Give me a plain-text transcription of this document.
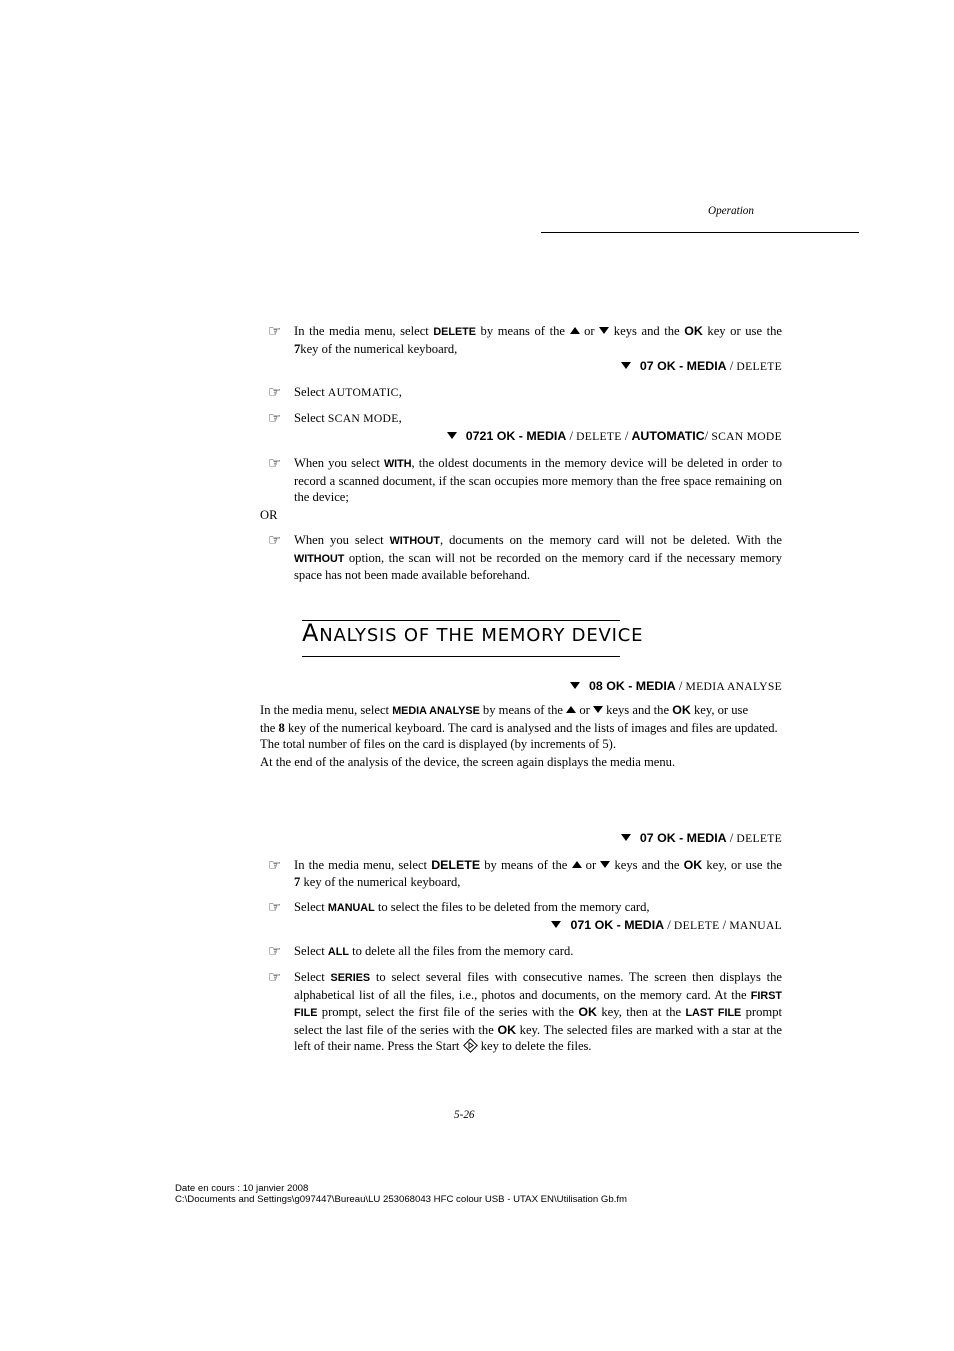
Operation
☞
In the media menu, select DELETE by means of the  or  keys and the OK key or use the
7key of the numerical keyboard,
07 OK - MEDIA / DELETE
☞
Select AUTOMATIC,
☞
Select SCAN MODE,
0721 OK - MEDIA / DELETE / AUTOMATIC/ SCAN MODE
☞
When you select WITH, the oldest documents in the memory device will be deleted in order to
record a scanned document, if the scan occupies more memory than the free space remaining on
the device;
OR
☞
When you select WITHOUT, documents on the memory card will not be deleted. With the
WITHOUT option, the scan will not be recorded on the memory card if the necessary memory
space has not been made available beforehand.
ANALYSIS OF THE MEMORY DEVICE
08 OK - MEDIA / MEDIA ANALYSE
In the media menu, select MEDIA ANALYSE by means of the  or  keys and the OK key, or use
the 8 key of the numerical keyboard. The card is analysed and the lists of images and files are updated.
The total number of files on the card is displayed (by increments of 5).
At the end of the analysis of the device, the screen again displays the media menu.
07 OK - MEDIA / DELETE
☞
In the media menu, select DELETE by means of the  or  keys and the OK key, or use the
7 key of the numerical keyboard,
☞
Select MANUAL to select the files to be deleted from the memory card,
071 OK - MEDIA / DELETE / MANUAL
☞
Select ALL to delete all the files from the memory card.
☞
Select SERIES to select several files with consecutive names. The screen then displays the
alphabetical list of all the files, i.e., photos and documents, on the memory card. At the FIRST
FILE prompt, select the first file of the series with the OK key, then at the LAST FILE prompt
select the last file of the series with the OK key. The selected files are marked with a star at the
left of their name. Press the Start  key to delete the files.
5-26
Date en cours : 10 janvier 2008
C:\Documents and Settings\g097447\Bureau\LU 253068043 HFC colour USB - UTAX EN\Utilisation Gb.fm
